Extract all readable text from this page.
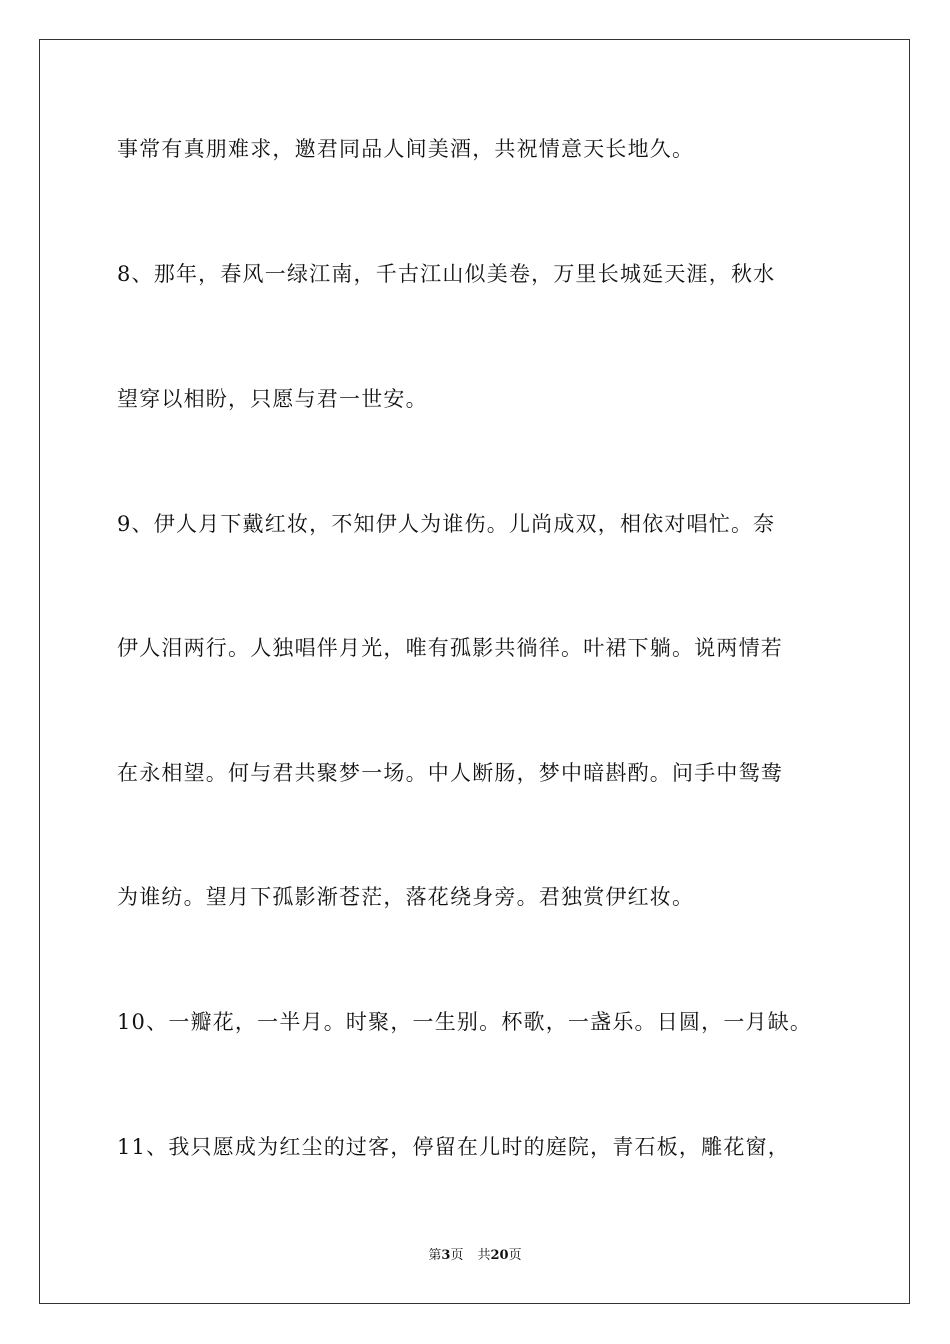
事常有真朋难求，邀君同品人间美酒，共祝情意天长地久。
8、那年，春风一绿江南，千古江山似美卷，万里长城延天涯，秋水
望穿以相盼，只愿与君一世安。
9、伊人月下戴红妆，不知伊人为谁伤。儿尚成双，相依对唱忙。奈
伊人泪两行。人独唱伴月光，唯有孤影共徜徉。叶裙下躺。说两情若
在永相望。何与君共聚梦一场。中人断肠，梦中暗斟酌。问手中鸳鸯
为谁纺。望月下孤影渐苍茫，落花绕身旁。君独赏伊红妆。
10、一瓣花，一半月。时聚，一生别。杯歌，一盏乐。日圆，一月缺。
11、我只愿成为红尘的过客，停留在儿时的庭院，青石板，雕花窗，
第3页 共20页
